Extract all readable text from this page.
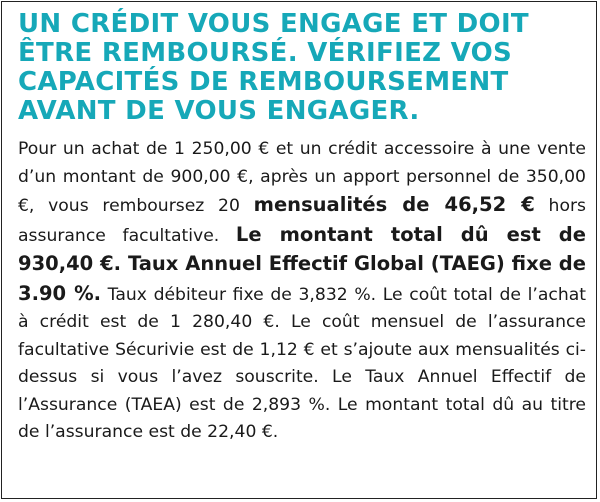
UN CRÉDIT VOUS ENGAGE ET DOIT ÊTRE REMBOURSÉ. VÉRIFIEZ VOS CAPACITÉS DE REMBOURSEMENT AVANT DE VOUS ENGAGER.
Pour un achat de 1 250,00 € et un crédit accessoire à une vente d’un montant de 900,00 €, après un apport personnel de 350,00 €, vous remboursez 20 mensualités de 46,52 € hors assurance facultative. Le montant total dû est de 930,40 €. Taux Annuel Effectif Global (TAEG) fixe de 3.90 %. Taux débiteur fixe de 3,832 %. Le coût total de l’achat à crédit est de 1 280,40 €. Le coût mensuel de l’assurance facultative Sécurivie est de 1,12 € et s’ajoute aux mensualités ci-dessus si vous l’avez souscrite. Le Taux Annuel Effectif de l’Assurance (TAEA) est de 2,893 %. Le montant total dû au titre de l’assurance est de 22,40 €.
